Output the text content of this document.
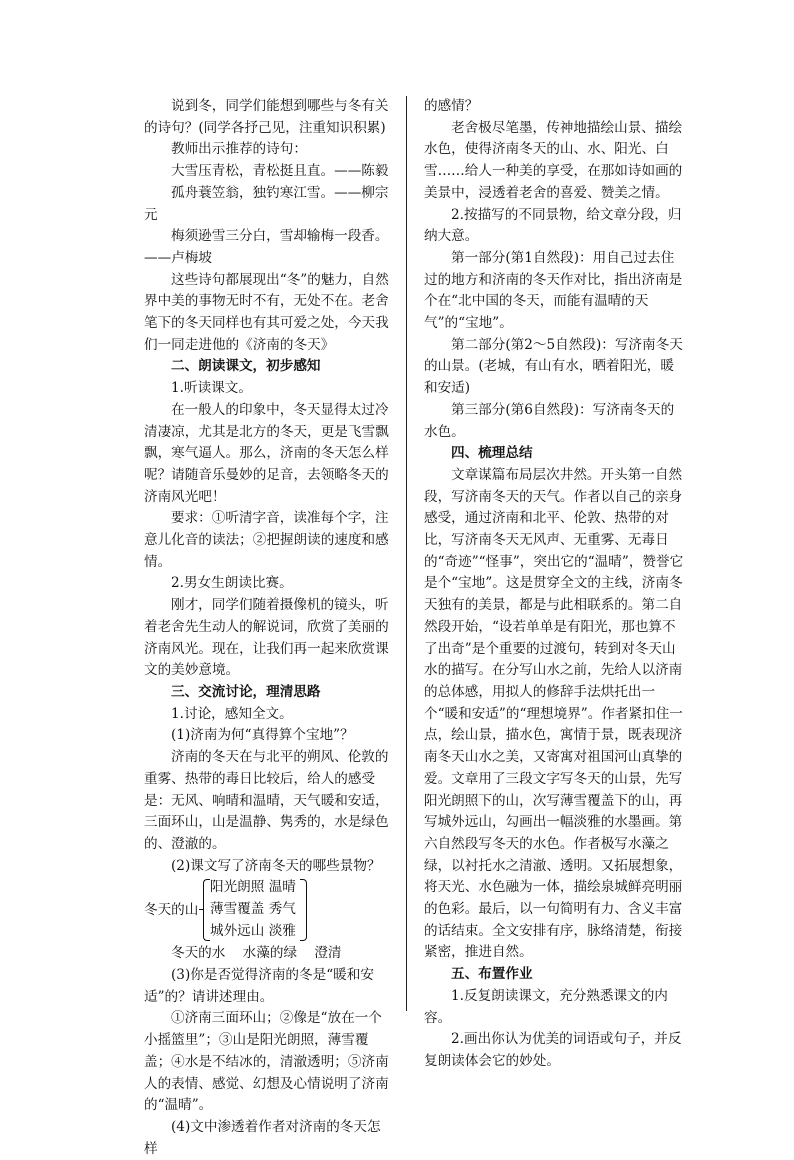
说到冬，同学们能想到哪些与冬有关的诗句？(同学各抒己见，注重知识积累)

教师出示推荐的诗句：

大雪压青松，青松挺且直。——陈毅

孤舟蓑笠翁，独钓寒江雪。——柳宗元

梅须逊雪三分白，雪却输梅一段香。——卢梅坡

这些诗句都展现出“冬”的魅力，自然界中美的事物无时不有，无处不在。老舍笔下的冬天同样也有其可爱之处，今天我们一同走进他的《济南的冬天》

二、朗读课文，初步感知

1.听读课文。

在一般人的印象中，冬天显得太过冷清凄凉，尤其是北方的冬天，更是飞雪飘飘，寒气逼人。那么，济南的冬天怎么样呢？请随音乐曼妙的足音，去领略冬天的济南风光吧！

要求：①听清字音，读准每个字，注意儿化音的读法；②把握朗读的速度和感情。

2.男女生朗读比赛。

刚才，同学们随着摄像机的镜头，听着老舍先生动人的解说词，欣赏了美丽的济南风光。现在，让我们再一起来欣赏课文的美妙意境。

三、交流讨论，理清思路

1.讨论，感知全文。

(1)济南为何“真得算个宝地”？

济南的冬天在与北平的朔风、伦敦的重雾、热带的毒日比较后，给人的感受是：无风、响晴和温晴，天气暖和安适，三面环山，山是温静、隽秀的，水是绿色的、澄澈的。

(2)课文写了济南冬天的哪些景物？

冬天的山
阳光朗照 温晴
薄雪覆盖 秀气
城外远山 淡雅

冬天的水    水藻的绿    澄清

(3)你是否觉得济南的冬是“暖和安适”的？请讲述理由。

①济南三面环山；②像是“放在一个小摇篮里”；③山是阳光朗照，薄雪覆盖；④水是不结冰的，清澈透明；⑤济南人的表情、感觉、幻想及心情说明了济南的“温晴”。

(4)文中渗透着作者对济南的冬天怎样

的感情？

老舍极尽笔墨，传神地描绘山景、描绘水色，使得济南冬天的山、水、阳光、白雪……给人一种美的享受，在那如诗如画的美景中，浸透着老舍的喜爱、赞美之情。

2.按描写的不同景物，给文章分段，归纳大意。

第一部分(第1自然段)：用自己过去住过的地方和济南的冬天作对比，指出济南是个在“北中国的冬天，而能有温晴的天气”的“宝地”。

第二部分(第2～5自然段)：写济南冬天的山景。(老城，有山有水，晒着阳光，暖和安适)

第三部分(第6自然段)：写济南冬天的水色。

四、梳理总结

文章谋篇布局层次井然。开头第一自然段，写济南冬天的天气。作者以自己的亲身感受，通过济南和北平、伦敦、热带的对比，写济南冬天无风声、无重雾、无毒日的“奇迹”“怪事”，突出它的“温晴”，赞誉它是个“宝地”。这是贯穿全文的主线，济南冬天独有的美景，都是与此相联系的。第二自然段开始，“设若单单是有阳光，那也算不了出奇”是个重要的过渡句，转到对冬天山水的描写。在分写山水之前，先给人以济南的总体感，用拟人的修辞手法烘托出一个“暖和安适”的“理想境界”。作者紧扣住一点，绘山景，描水色，寓情于景，既表现济南冬天山水之美，又寄寓对祖国河山真挚的爱。文章用了三段文字写冬天的山景，先写阳光朗照下的山，次写薄雪覆盖下的山，再写城外远山，勾画出一幅淡雅的水墨画。第六自然段写冬天的水色。作者极写水藻之绿，以衬托水之清澈、透明。又拓展想象，将天光、水色融为一体，描绘泉城鲜亮明丽的色彩。最后，以一句简明有力、含义丰富的话结束。全文安排有序，脉络清楚，衔接紧密，推进自然。

五、布置作业

1.反复朗读课文，充分熟悉课文的内容。

2.画出你认为优美的词语或句子，并反复朗读体会它的妙处。
